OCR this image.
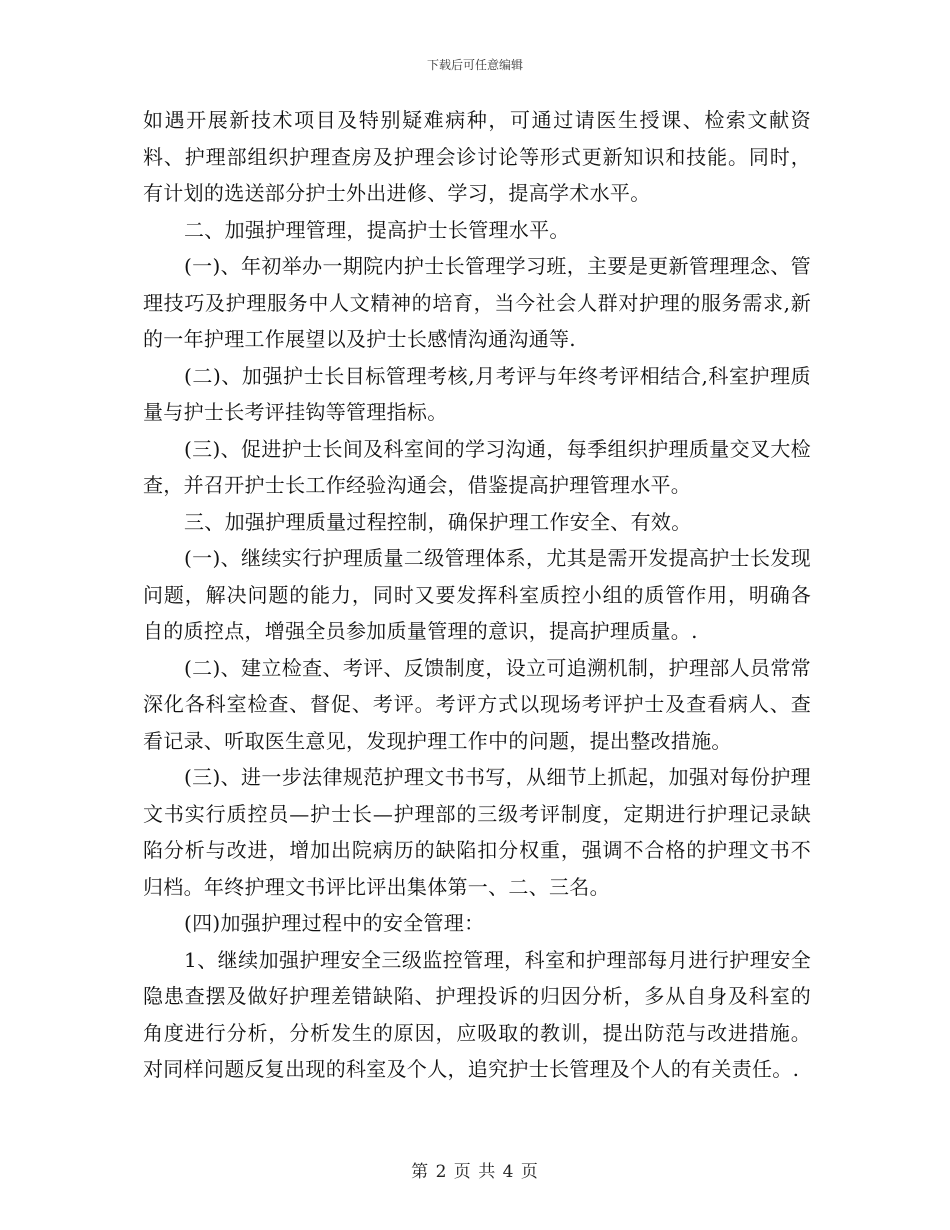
下载后可任意编辑

如遇开展新技术项目及特别疑难病种，可通过请医生授课、检索文献资料、护理部组织护理查房及护理会诊讨论等形式更新知识和技能。同时，有计划的选送部分护士外出进修、学习，提高学术水平。

二、加强护理管理，提高护士长管理水平。

(一)、年初举办一期院内护士长管理学习班，主要是更新管理理念、管理技巧及护理服务中人文精神的培育，当今社会人群对护理的服务需求,新的一年护理工作展望以及护士长感情沟通沟通等.

(二)、加强护士长目标管理考核,月考评与年终考评相结合,科室护理质量与护士长考评挂钩等管理指标。

(三)、促进护士长间及科室间的学习沟通，每季组织护理质量交叉大检查，并召开护士长工作经验沟通会，借鉴提高护理管理水平。

三、加强护理质量过程控制，确保护理工作安全、有效。

(一)、继续实行护理质量二级管理体系，尤其是需开发提高护士长发现问题，解决问题的能力，同时又要发挥科室质控小组的质管作用，明确各自的质控点，增强全员参加质量管理的意识，提高护理质量。.

(二)、建立检查、考评、反馈制度，设立可追溯机制，护理部人员常常深化各科室检查、督促、考评。考评方式以现场考评护士及查看病人、查看记录、听取医生意见，发现护理工作中的问题，提出整改措施。

(三)、进一步法律规范护理文书书写，从细节上抓起，加强对每份护理文书实行质控员—护士长—护理部的三级考评制度，定期进行护理记录缺陷分析与改进，增加出院病历的缺陷扣分权重，强调不合格的护理文书不归档。年终护理文书评比评出集体第一、二、三名。

(四)加强护理过程中的安全管理：

1、继续加强护理安全三级监控管理，科室和护理部每月进行护理安全隐患查摆及做好护理差错缺陷、护理投诉的归因分析，多从自身及科室的角度进行分析，分析发生的原因，应吸取的教训，提出防范与改进措施。对同样问题反复出现的科室及个人，追究护士长管理及个人的有关责任。.

第 2 页 共 4 页
